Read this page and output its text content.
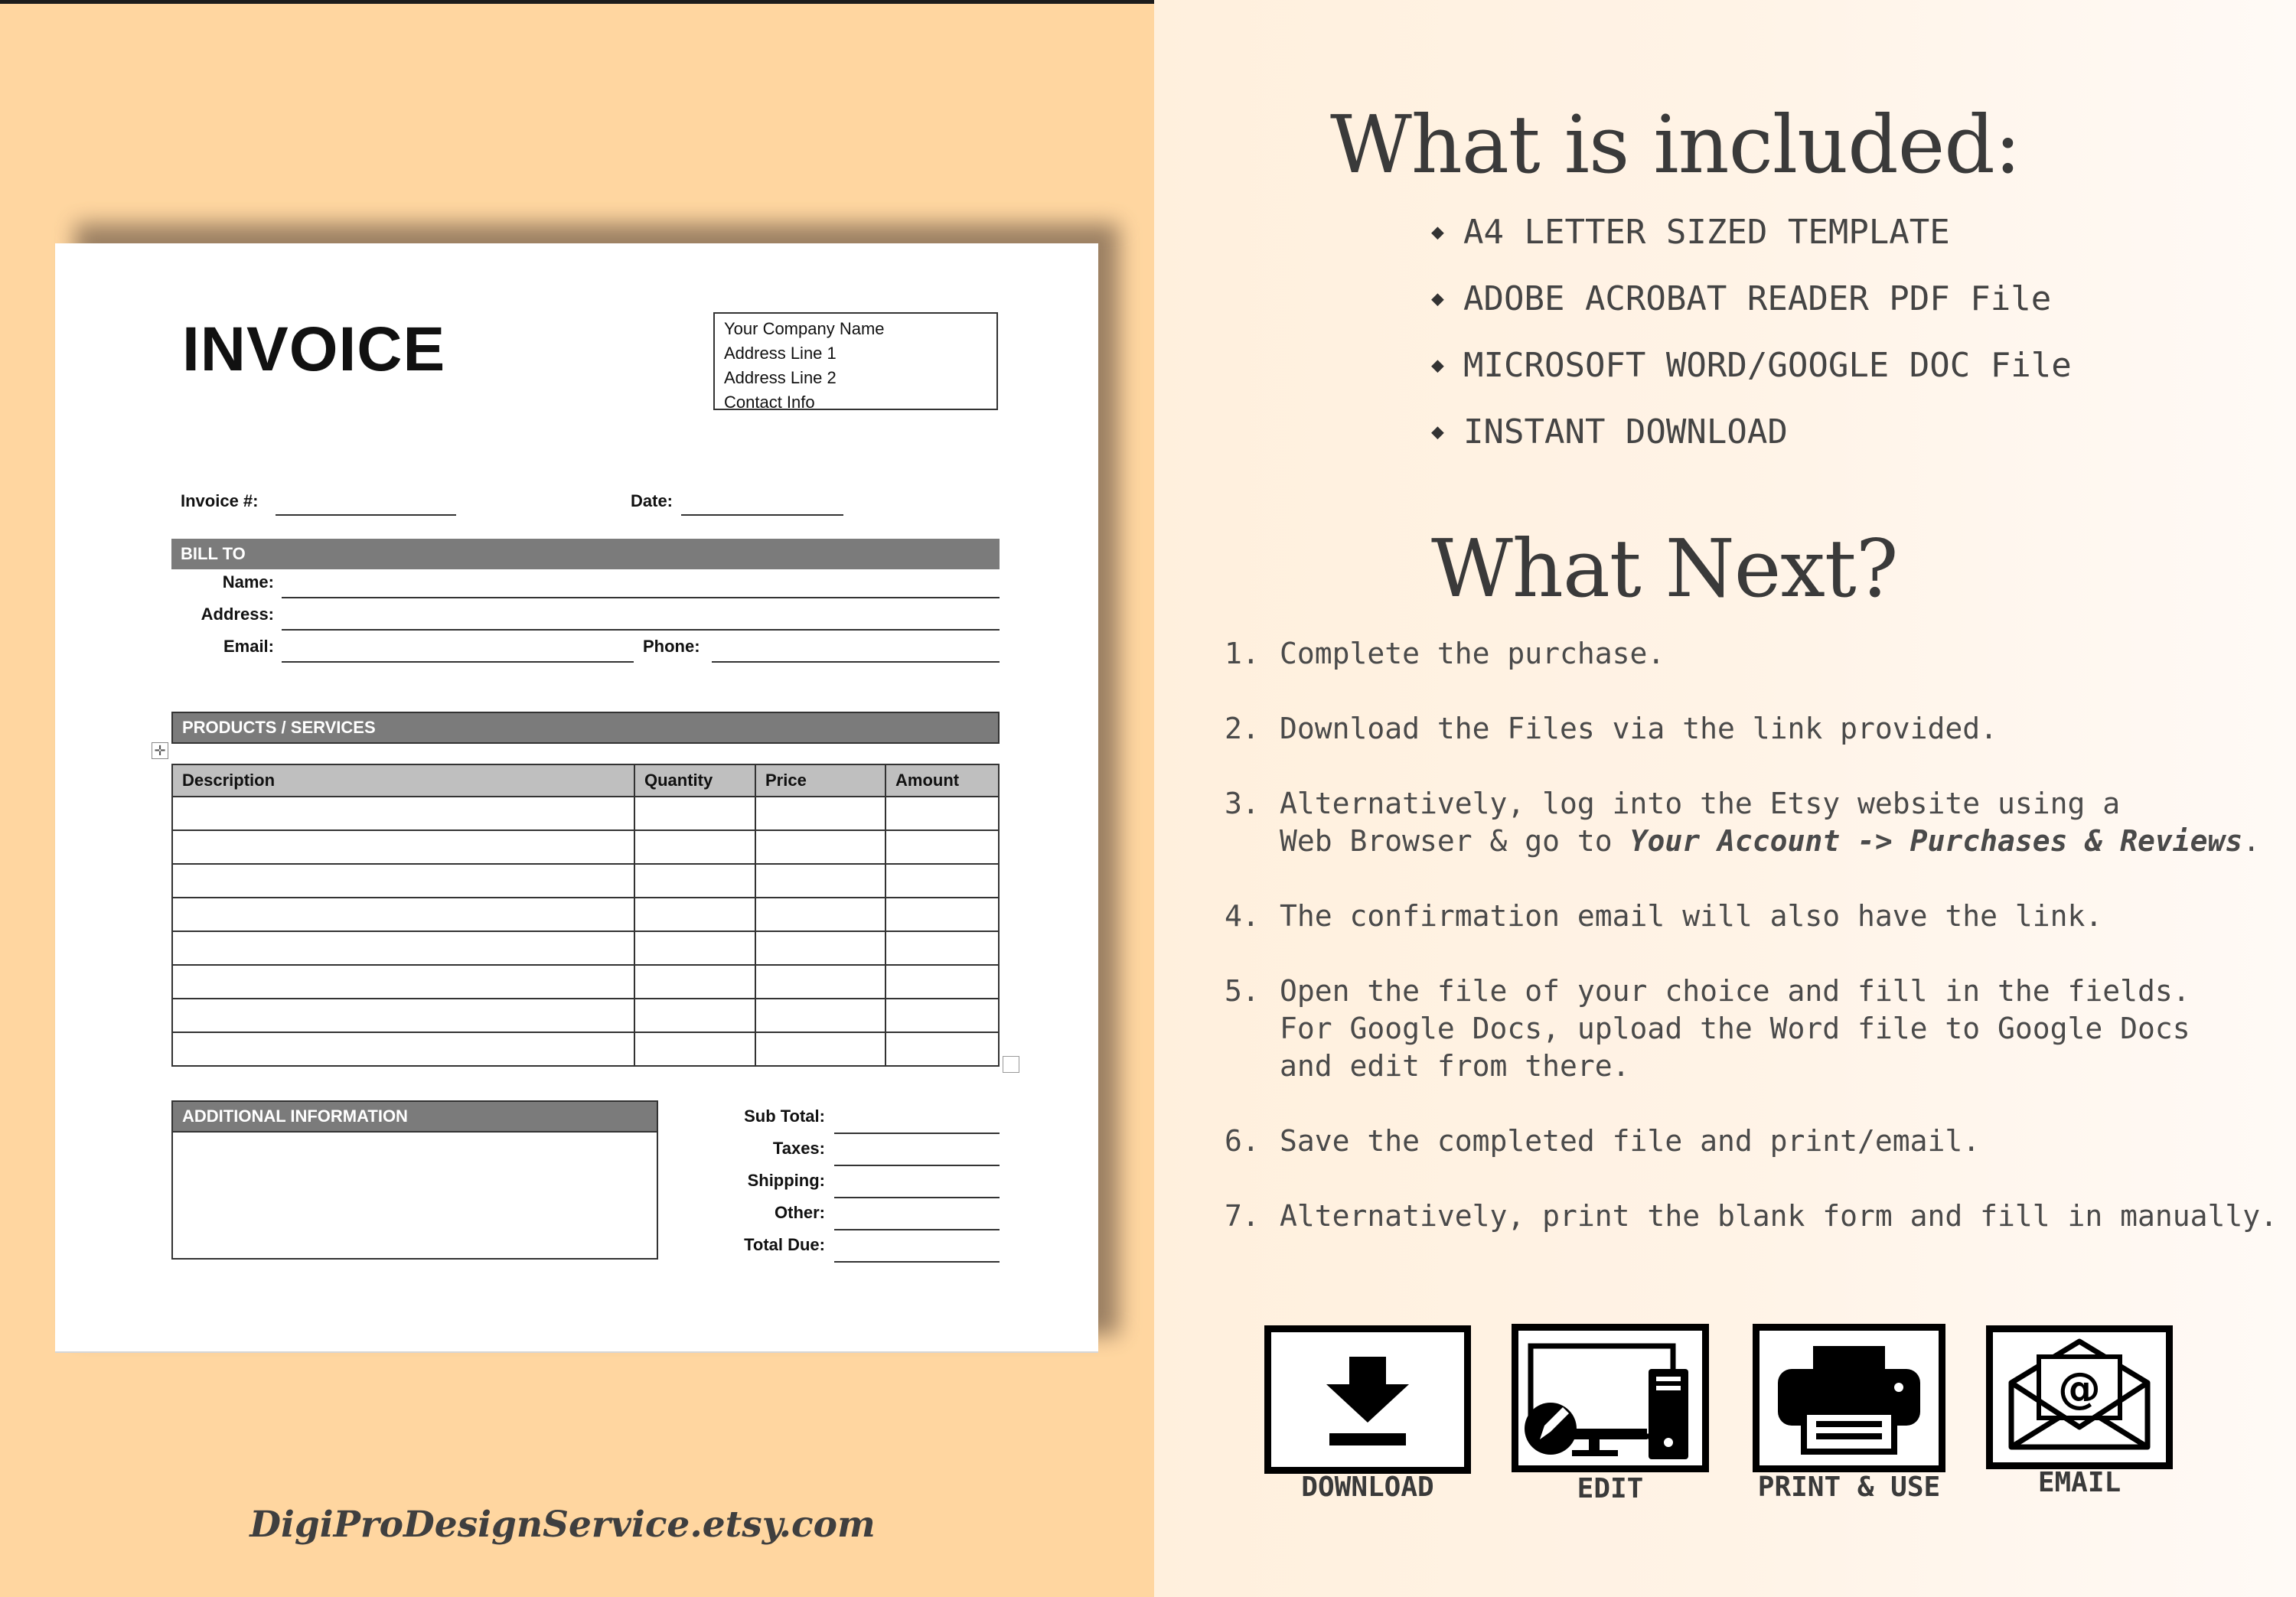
INVOICE	Your Company Name
Address Line 1
Address Line 2
Contact Info
Invoice #:	Date:
BILL TO
Name:
Address:
Email:	Phone:
PRODUCTS / SERVICES
✛
Description	Quantity	Price	Amount

ADDITIONAL INFORMATION	Sub Total:
Taxes:
Shipping:
Other:
Total Due:
DigiProDesignService.etsy.com
What is included:
◆ A4 LETTER SIZED TEMPLATE
◆ ADOBE ACROBAT READER PDF File
◆ MICROSOFT WORD/GOOGLE DOC File
◆ INSTANT DOWNLOAD
What Next?
1. Complete the purchase.
2. Download the Files via the link provided.
3. Alternatively, log into the Etsy website using a
Web Browser & go to Your Account -> Purchases & Reviews.
4. The confirmation email will also have the link.
5. Open the file of your choice and fill in the fields.
For Google Docs, upload the Word file to Google Docs
and edit from there.
6. Save the completed file and print/email.
7. Alternatively, print the blank form and fill in manually.
DOWNLOAD	EDIT	PRINT & USE
@
EMAIL
